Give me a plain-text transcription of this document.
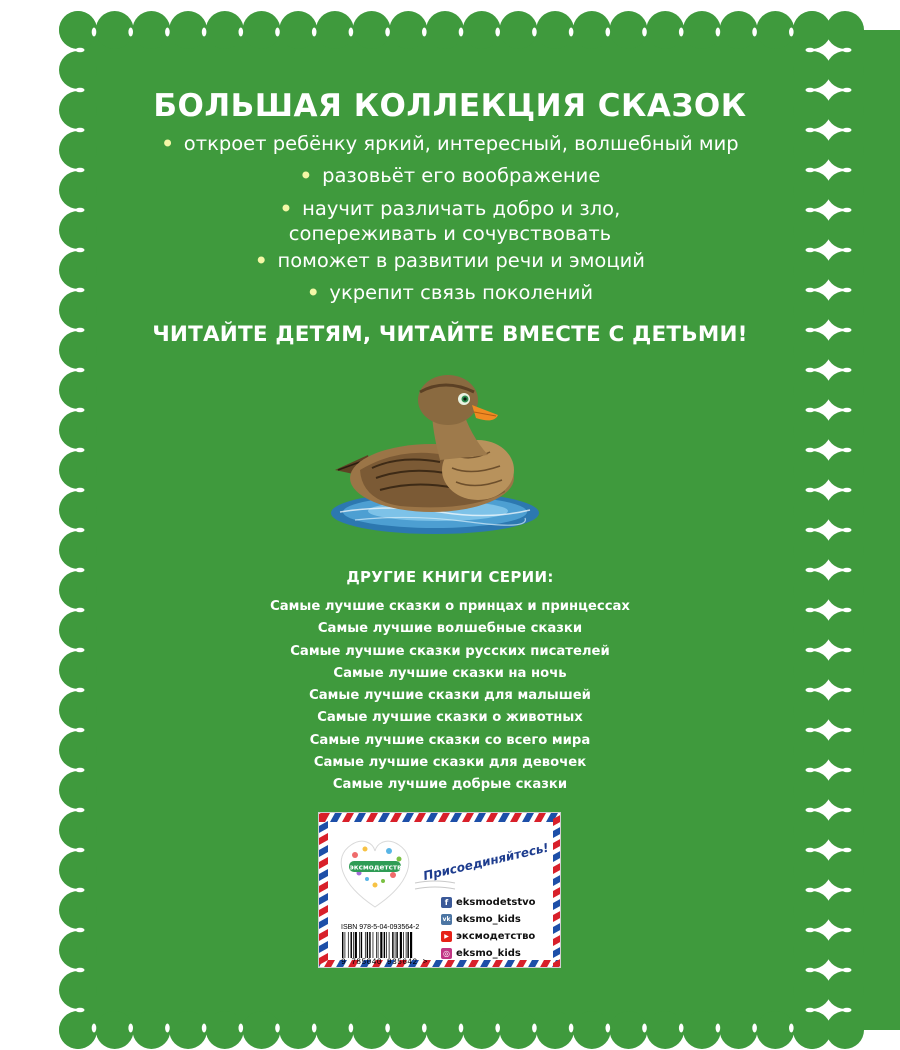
БОЛЬШАЯ КОЛЛЕКЦИЯ СКАЗОК
• откроет ребёнку яркий, интересный, волшебный мир
• разовьёт его воображение
• научит различать добро и зло,
сопереживать и сочувствовать
• поможет в развитии речи и эмоций
• укрепит связь поколений
ЧИТАЙТЕ ДЕТЯМ, ЧИТАЙТЕ ВМЕСТЕ С ДЕТЬМИ!
ДРУГИЕ КНИГИ СЕРИИ:
Самые лучшие сказки о принцах и принцессах
Самые лучшие волшебные сказки
Самые лучшие сказки русских писателей
Самые лучшие сказки на ночь
Самые лучшие сказки для малышей
Самые лучшие сказки о животных
Самые лучшие сказки со всего мира
Самые лучшие сказки для девочек
Самые лучшие добрые сказки
#эксмодетство Присоединяйтесь!
f eksmodetstvo
vk eksmo_kids
▶ эксмодетство
◎ eksmo_kids
ISBN 978-5-04-093564-2
9 785040 935642 >
